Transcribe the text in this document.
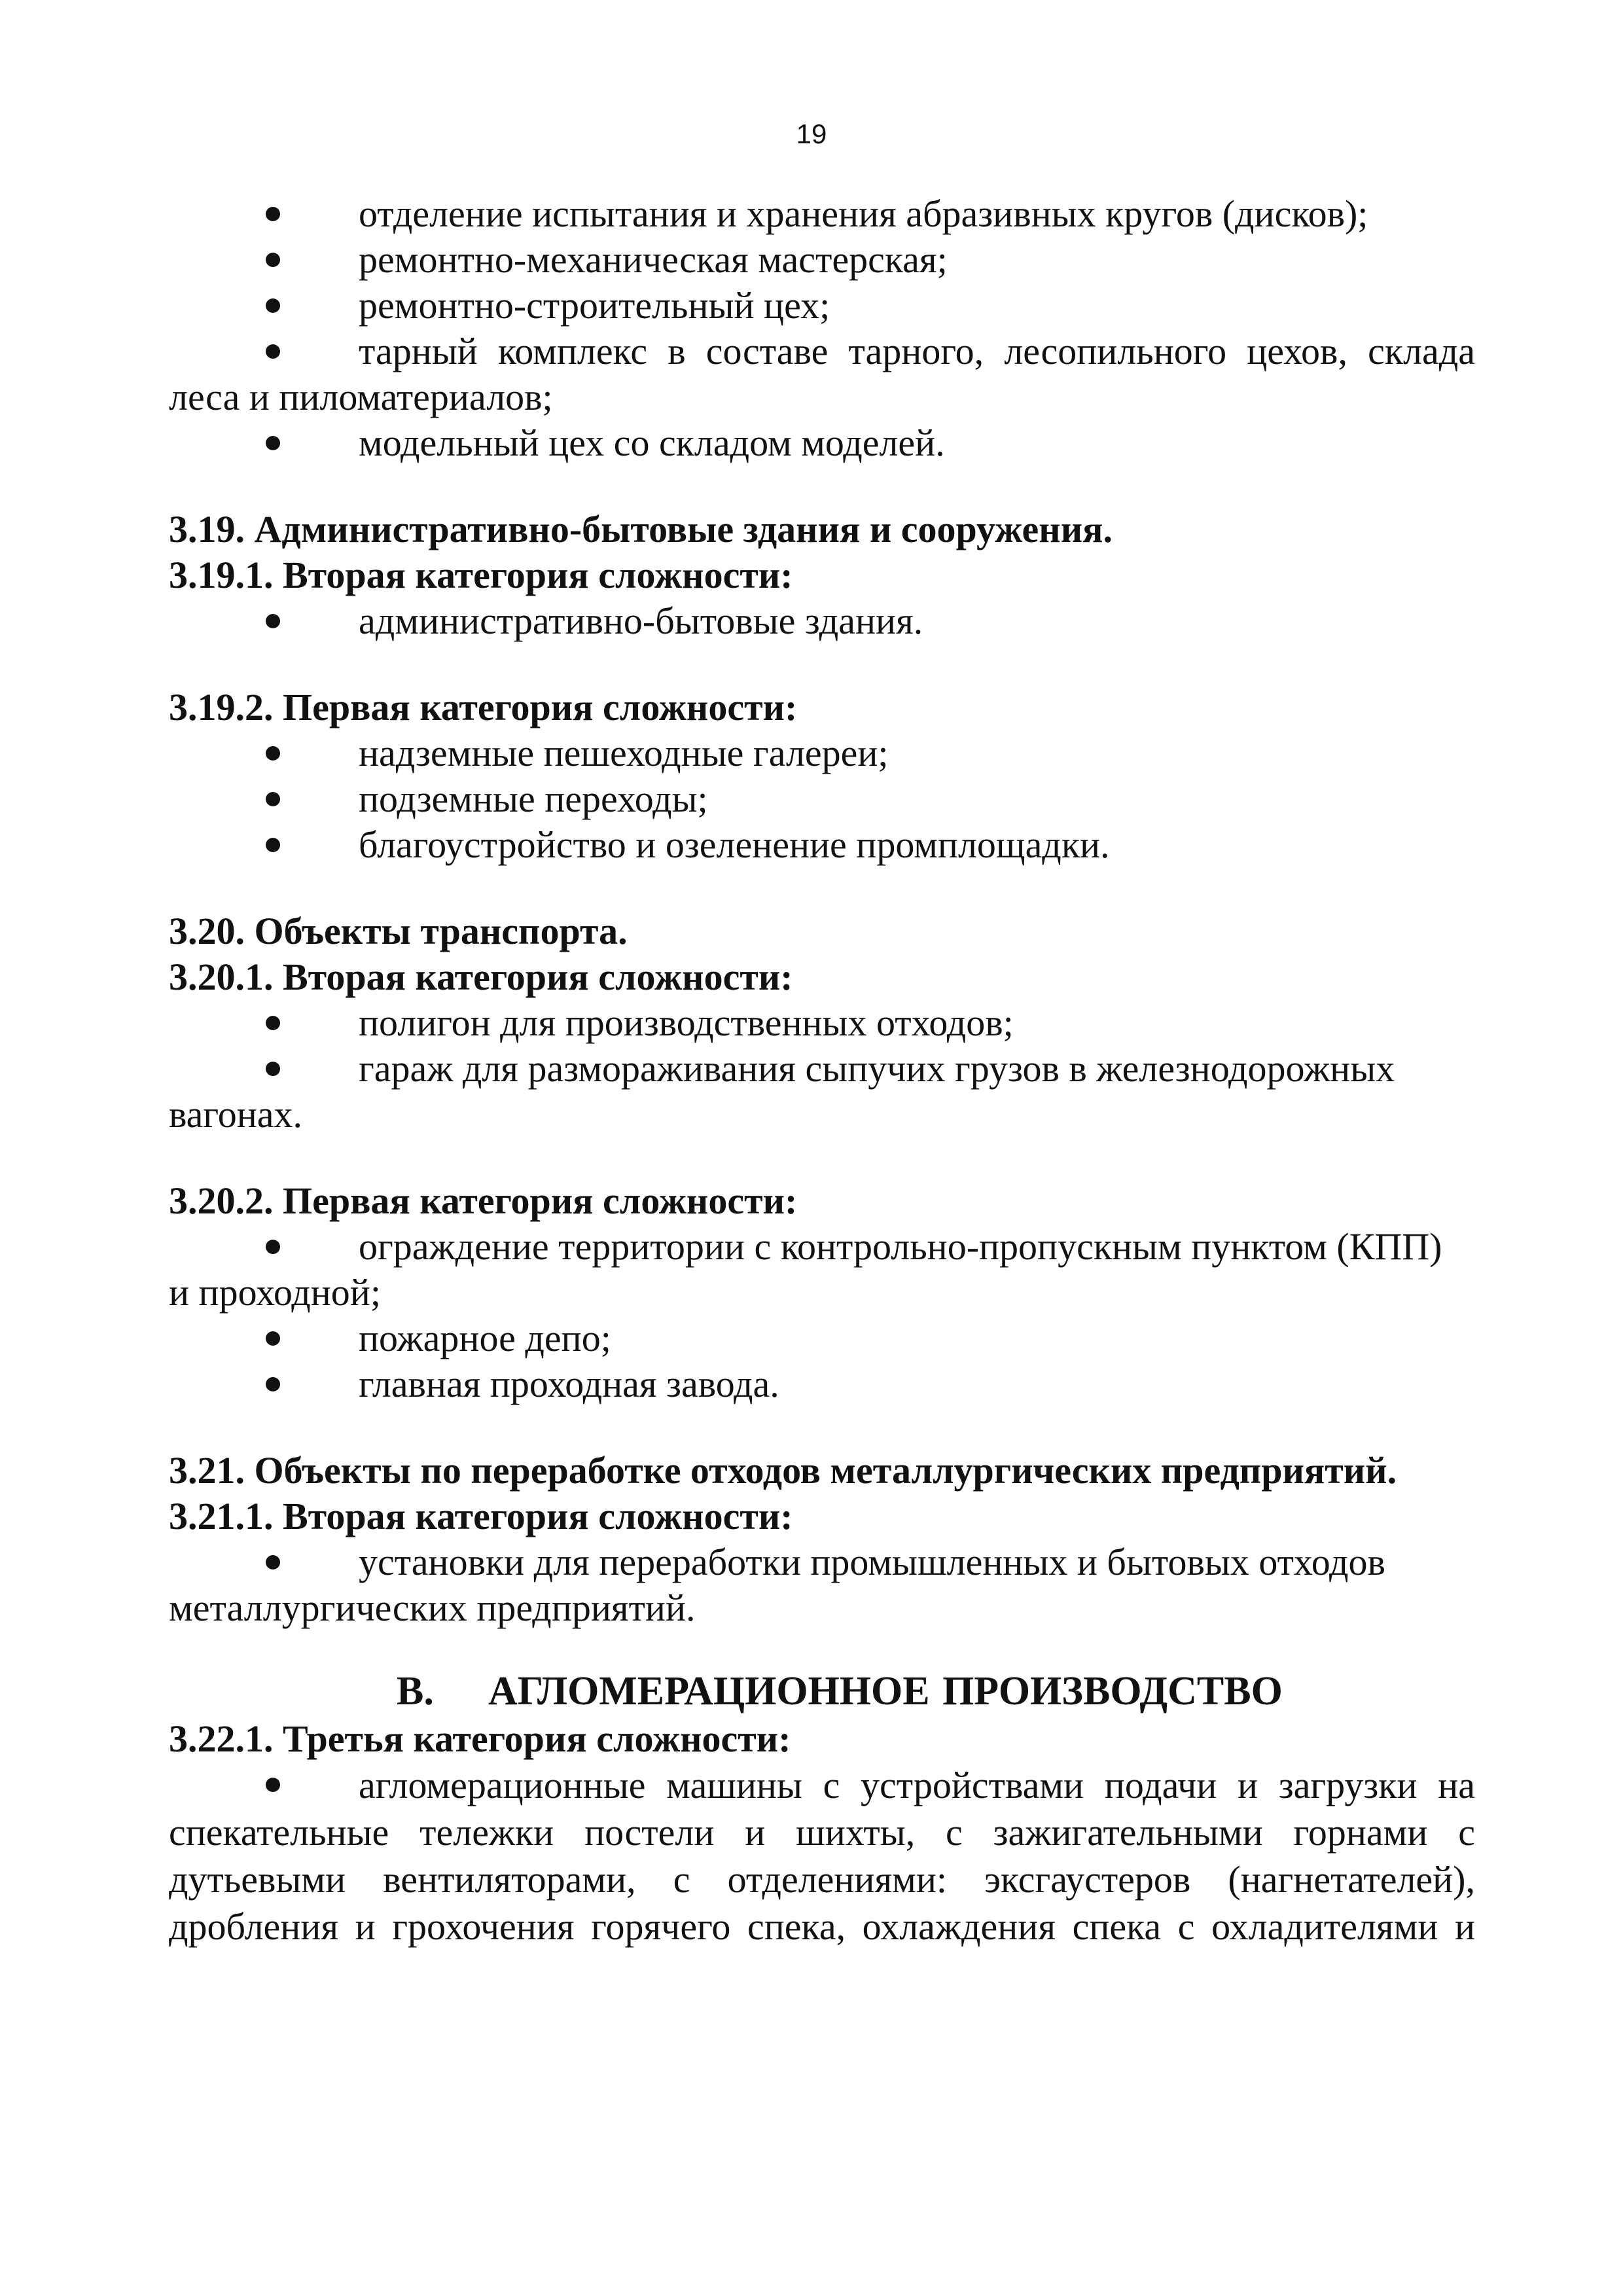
19
отделение испытания и хранения абразивных кругов (дисков);
ремонтно-механическая мастерская;
ремонтно-строительный цех;
тарный комплекс в составе тарного, лесопильного цехов, склада
леса и пиломатериалов;
модельный цех со складом моделей.
3.19. Административно-бытовые здания и сооружения.
3.19.1. Вторая категория сложности:
административно-бытовые здания.
3.19.2. Первая категория сложности:
надземные пешеходные галереи;
подземные переходы;
благоустройство и озеленение промплощадки.
3.20. Объекты транспорта.
3.20.1. Вторая категория сложности:
полигон для производственных отходов;
гараж для размораживания сыпучих грузов в железнодорожных
вагонах.
3.20.2. Первая категория сложности:
ограждение территории с контрольно-пропускным пунктом (КПП)
и проходной;
пожарное депо;
главная проходная завода.
3.21. Объекты по переработке отходов металлургических предприятий.
3.21.1. Вторая категория сложности:
установки для переработки промышленных и бытовых отходов
металлургических предприятий.
В. АГЛОМЕРАЦИОННОЕ ПРОИЗВОДСТВО
3.22.1. Третья категория сложности:
агломерационные машины с устройствами подачи и загрузки на
спекательные тележки постели и шихты, с зажигательными горнами с
дутьевыми вентиляторами, с отделениями: эксгаустеров (нагнетателей),
дробления и грохочения горячего спека, охлаждения спека с охладителями и
